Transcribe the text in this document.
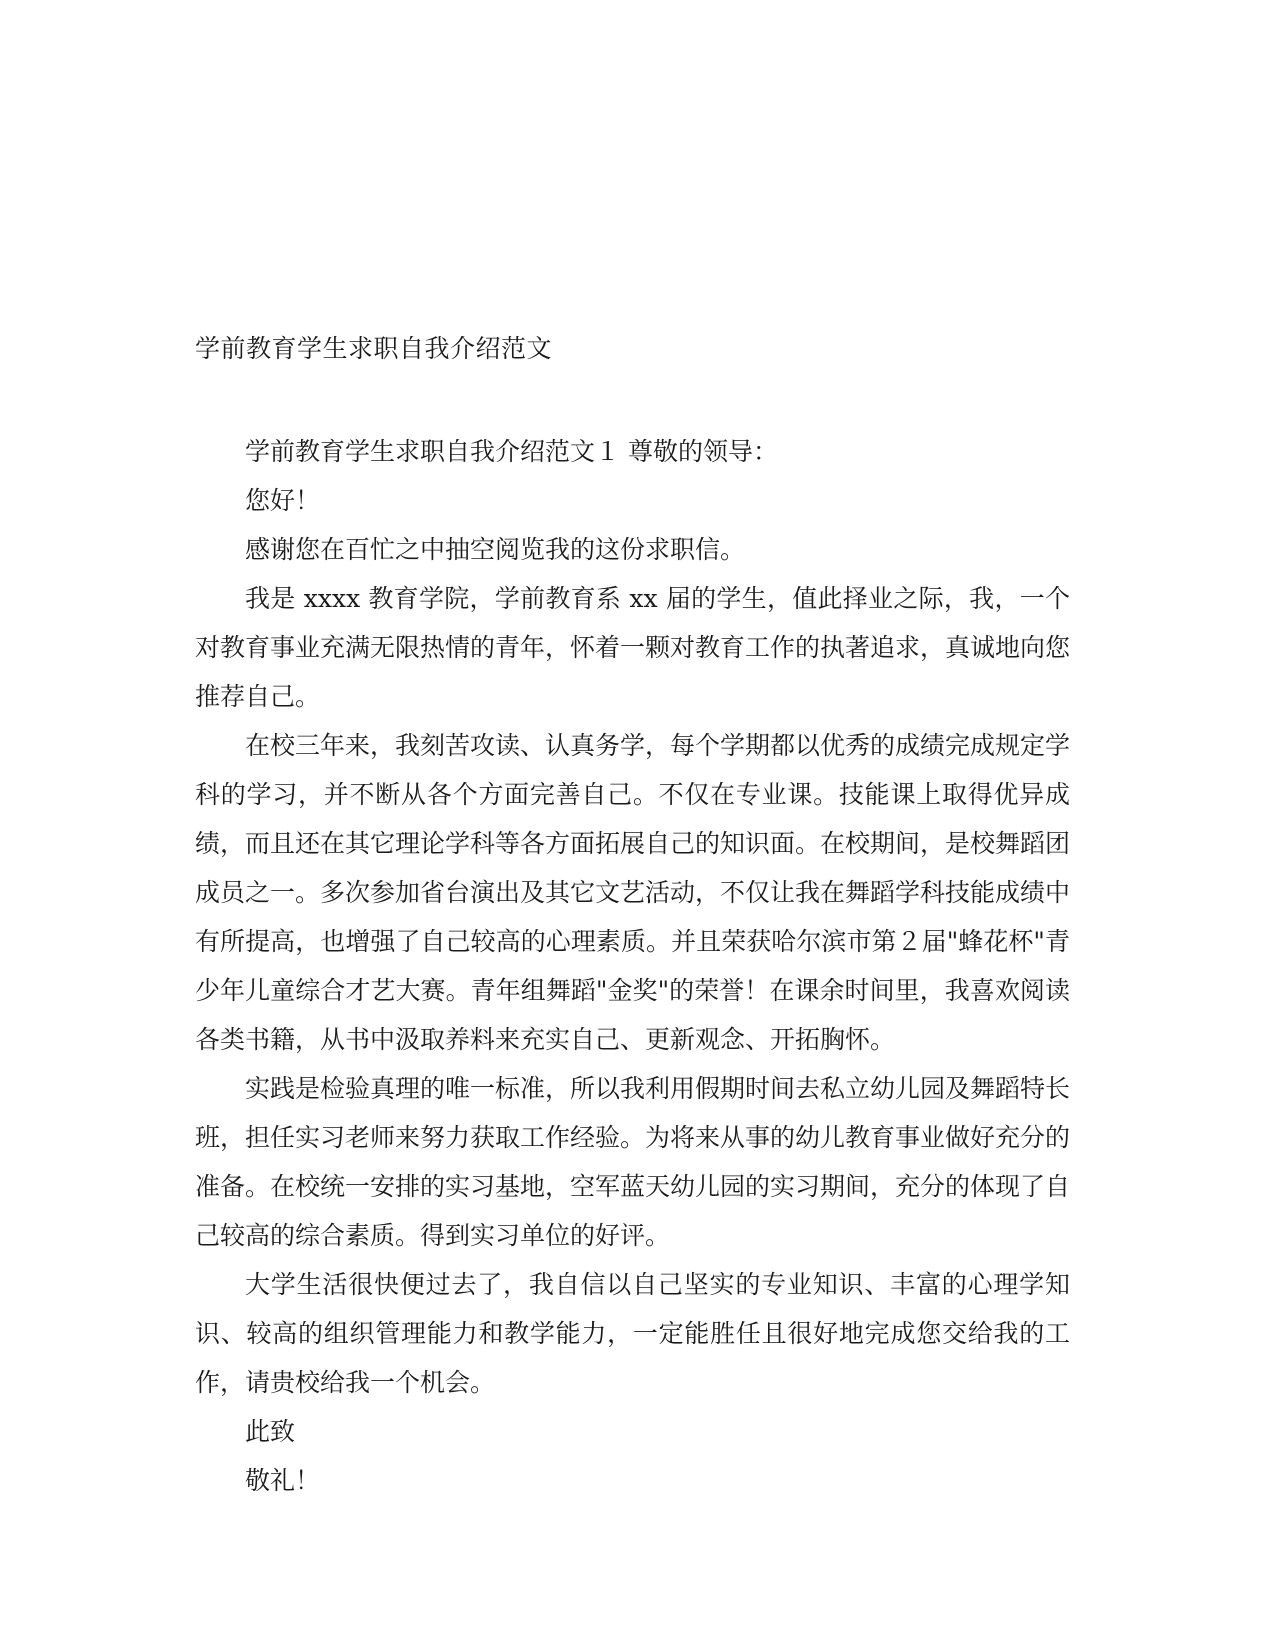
学前教育学生求职自我介绍范文

学前教育学生求职自我介绍范文１ 尊敬的领导：

您好！

感谢您在百忙之中抽空阅览我的这份求职信。

我是 xxxx 教育学院，学前教育系 xx 届的学生，值此择业之际，我，一个对教育事业充满无限热情的青年，怀着一颗对教育工作的执著追求，真诚地向您推荐自己。

在校三年来，我刻苦攻读、认真务学，每个学期都以优秀的成绩完成规定学科的学习，并不断从各个方面完善自己。不仅在专业课。技能课上取得优异成绩，而且还在其它理论学科等各方面拓展自己的知识面。在校期间，是校舞蹈团成员之一。多次参加省台演出及其它文艺活动，不仅让我在舞蹈学科技能成绩中有所提高，也增强了自己较高的心理素质。并且荣获哈尔滨市第２届"蜂花杯"青少年儿童综合才艺大赛。青年组舞蹈"金奖"的荣誉！在课余时间里，我喜欢阅读各类书籍，从书中汲取养料来充实自己、更新观念、开拓胸怀。

实践是检验真理的唯一标准，所以我利用假期时间去私立幼儿园及舞蹈特长班，担任实习老师来努力获取工作经验。为将来从事的幼儿教育事业做好充分的准备。在校统一安排的实习基地，空军蓝天幼儿园的实习期间，充分的体现了自己较高的综合素质。得到实习单位的好评。

大学生活很快便过去了，我自信以自己坚实的专业知识、丰富的心理学知识、较高的组织管理能力和教学能力，一定能胜任且很好地完成您交给我的工作，请贵校给我一个机会。

此致

敬礼！
